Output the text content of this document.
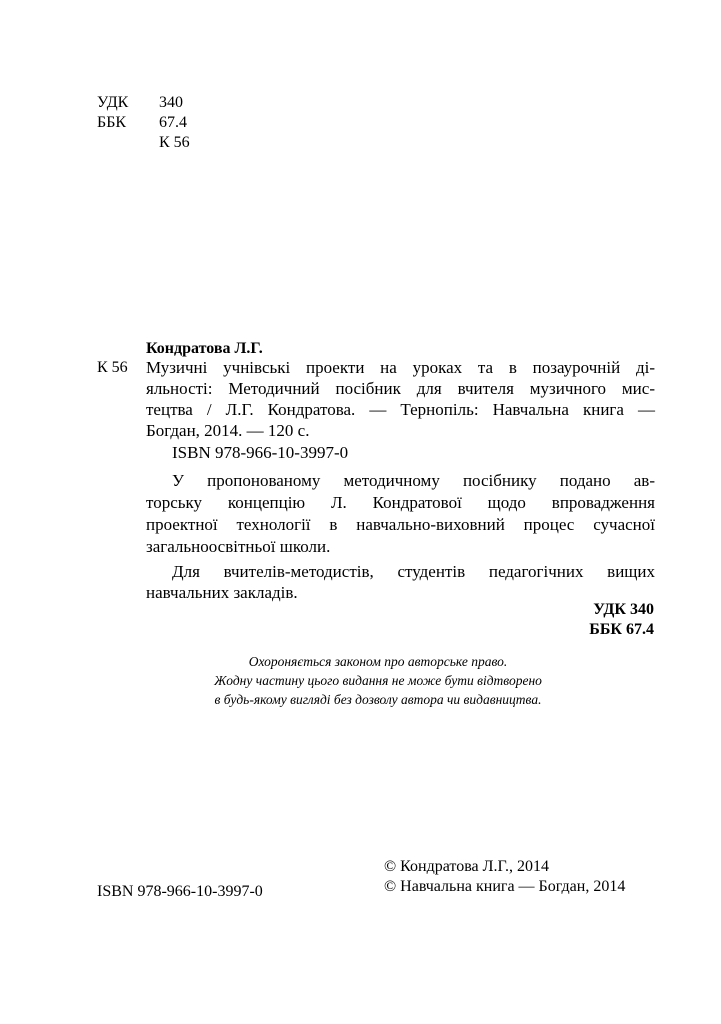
УДК 340
ББК 67.4
К 56
Кондратова Л.Г.
К 56 Музичні учнівські проекти на уроках та в позаурочній ді-
яльності: Методичний посібник для вчителя музичного мис-
тецтва / Л.Г. Кондратова. — Тернопіль: Навчальна книга —
Богдан, 2014. — 120 с.
ISBN 978-966-10-3997-0
У пропонованому методичному посібнику подано ав-
торську концепцію Л. Кондратової щодо впровадження
проектної технології в навчально-виховний процес сучасної
загальноосвітньої школи.
Для вчителів-методистів, студентів педагогічних вищих
навчальних закладів.
УДК 340
ББК 67.4
Охороняється законом про авторське право.
Жодну частину цього видання не може бути відтворено
в будь-якому вигляді без дозволу автора чи видавництва.
© Кондратова Л.Г., 2014
© Навчальна книга — Богдан, 2014
ISBN 978-966-10-3997-0
